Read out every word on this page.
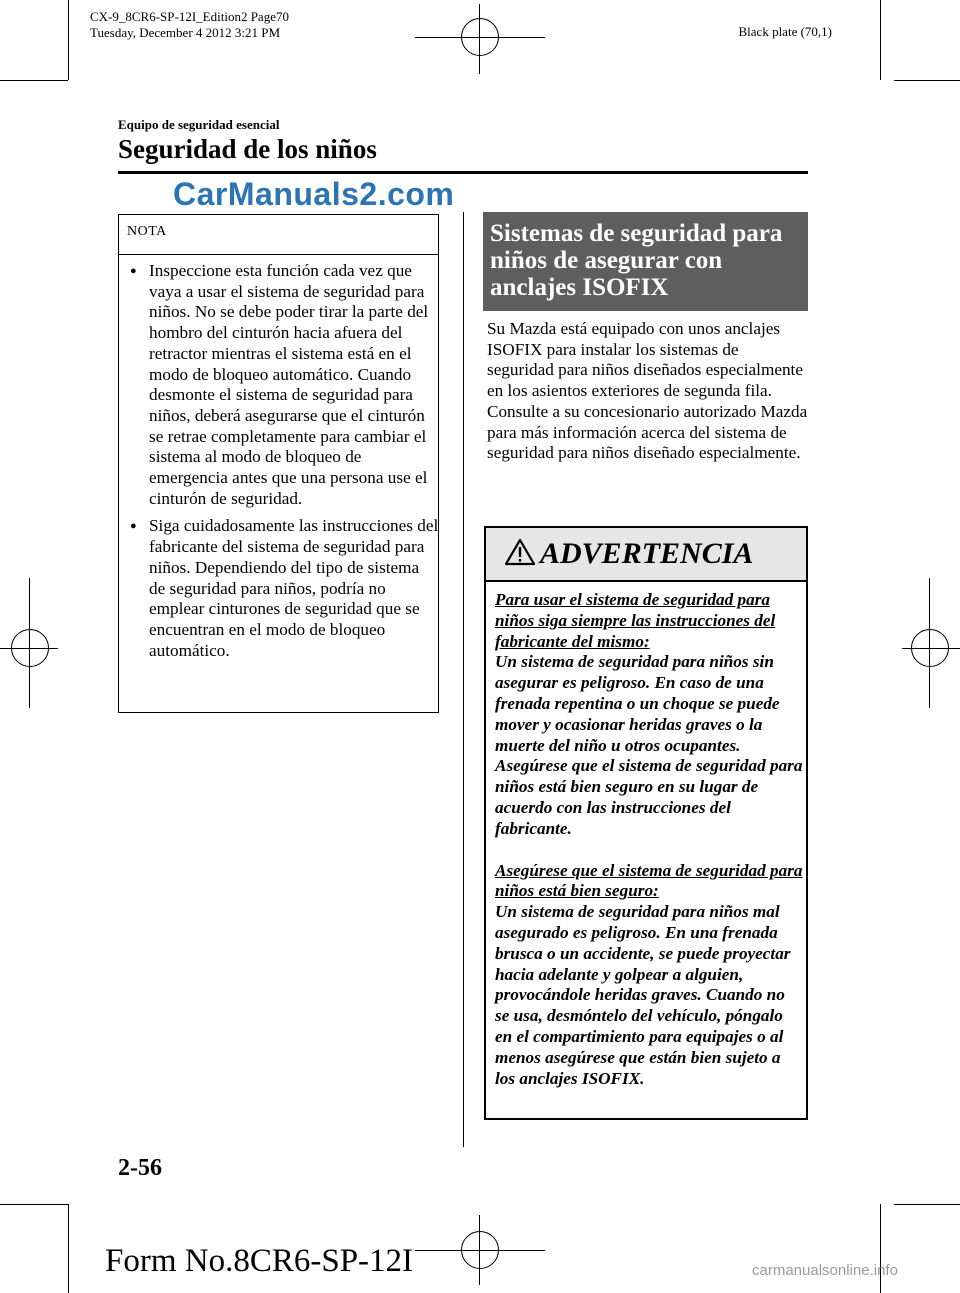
CX-9_8CR6-SP-12I_Edition2 Page70
Tuesday, December 4 2012 3:21 PM	Black plate (70,1)
Equipo de seguridad esencial
Seguridad de los niños
CarManuals2.com
NOTA
● Inspeccione esta función cada vez que vaya a usar el sistema de seguridad para niños. No se debe poder tirar la parte del hombro del cinturón hacia afuera del retractor mientras el sistema está en el modo de bloqueo automático. Cuando desmonte el sistema de seguridad para niños, deberá asegurarse que el cinturón se retrae completamente para cambiar el sistema al modo de bloqueo de emergencia antes que una persona use el cinturón de seguridad.
● Siga cuidadosamente las instrucciones del fabricante del sistema de seguridad para niños. Dependiendo del tipo de sistema de seguridad para niños, podría no emplear cinturones de seguridad que se encuentran en el modo de bloqueo automático.
Sistemas de seguridad para niños de asegurar con anclajes ISOFIX
Su Mazda está equipado con unos anclajes ISOFIX para instalar los sistemas de seguridad para niños diseñados especialmente en los asientos exteriores de segunda fila.
Consulte a su concesionario autorizado Mazda para más información acerca del sistema de seguridad para niños diseñado especialmente.
ADVERTENCIA

Para usar el sistema de seguridad para niños siga siempre las instrucciones del fabricante del mismo:

Un sistema de seguridad para niños sin asegurar es peligroso. En caso de una frenada repentina o un choque se puede mover y ocasionar heridas graves o la muerte del niño u otros ocupantes. Asegúrese que el sistema de seguridad para niños está bien seguro en su lugar de acuerdo con las instrucciones del fabricante.

Asegúrese que el sistema de seguridad para niños está bien seguro:

Un sistema de seguridad para niños mal asegurado es peligroso. En una frenada brusca o un accidente, se puede proyectar hacia adelante y golpear a alguien, provocándole heridas graves. Cuando no se usa, desmóntelo del vehículo, póngalo en el compartimiento para equipajes o al menos asegúrese que están bien sujeto a los anclajes ISOFIX.

2-56
Form No.8CR6-SP-12I	carmanualsonline.info
